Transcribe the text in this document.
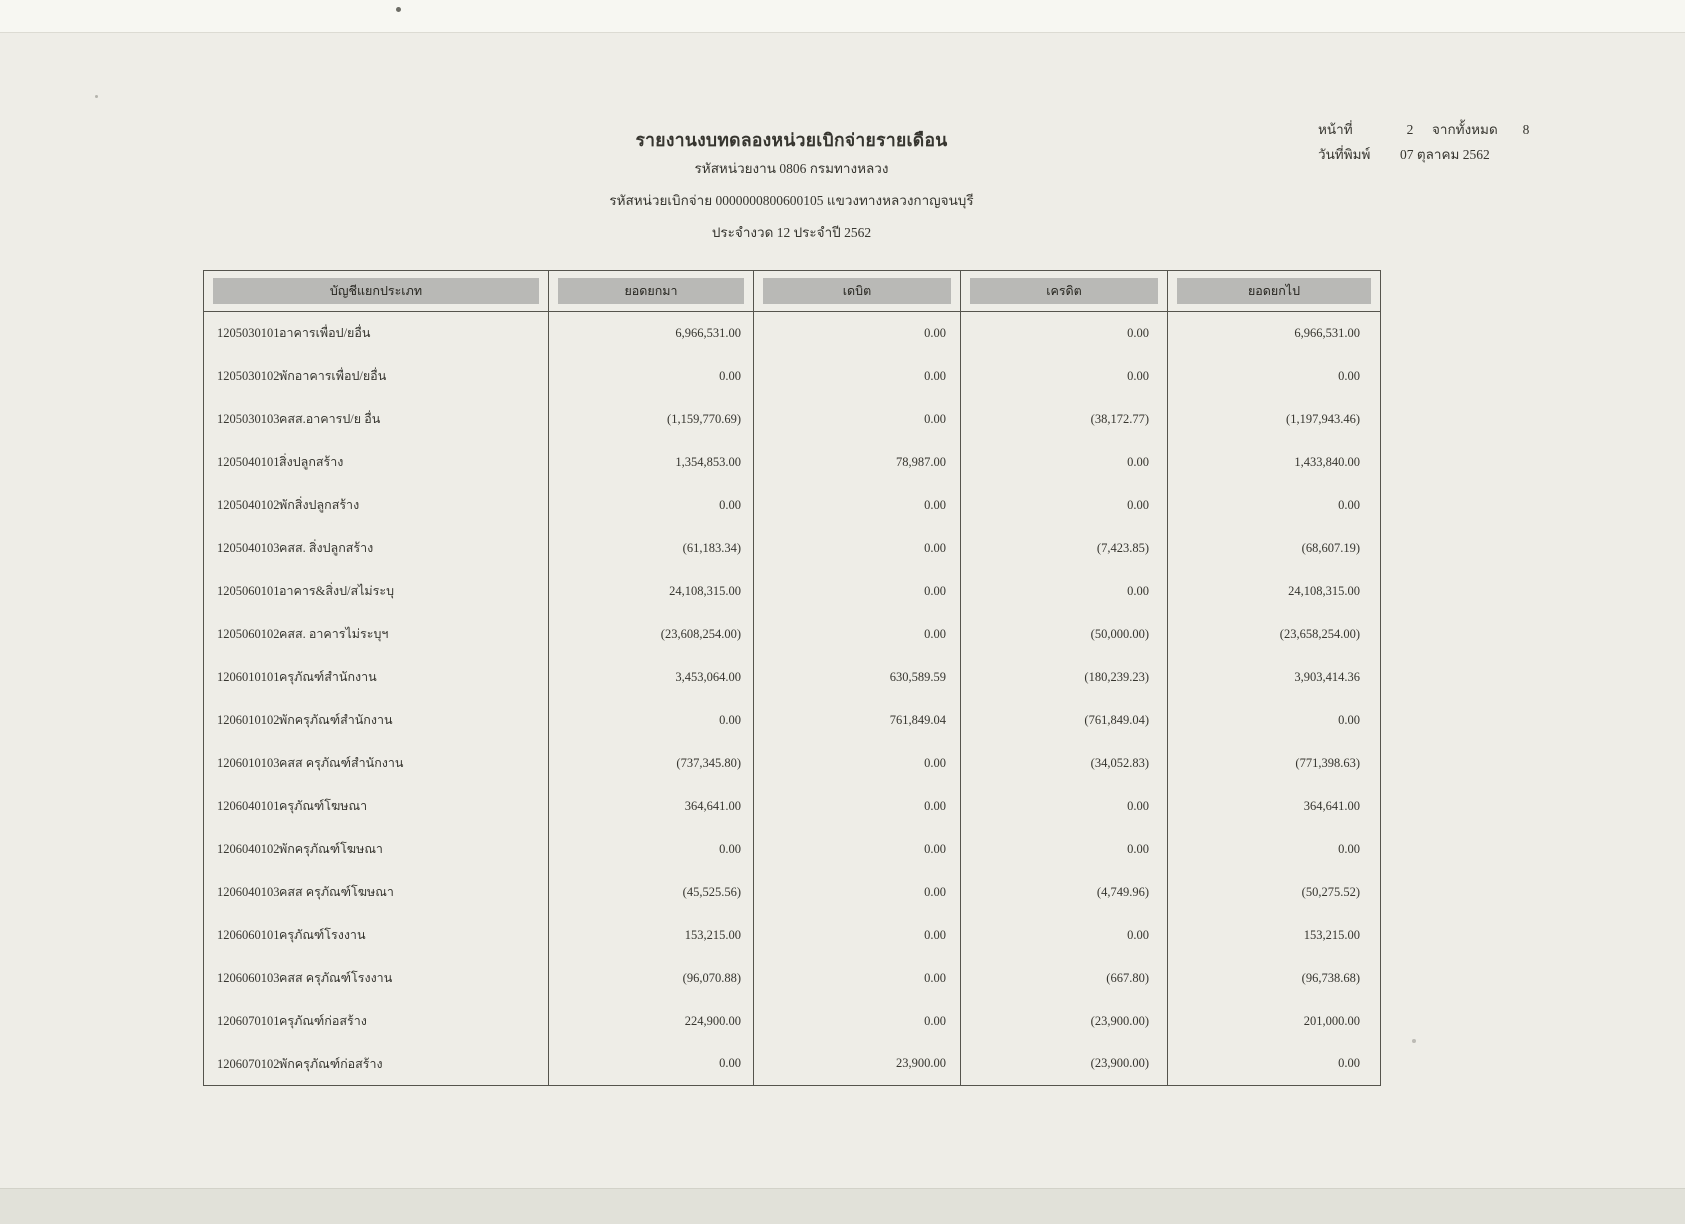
รายงานงบทดลองหน่วยเบิกจ่ายรายเดือน
รหัสหน่วยงาน 0806 กรมทางหลวง
รหัสหน่วยเบิกจ่าย 0000000800600105 แขวงทางหลวงกาญจนบุรี
ประจำงวด 12 ประจำปี 2562
หน้าที่	2	จากทั้งหมด	8
วันที่พิมพ์	07 ตุลาคม 2562
บัญชีแยกประเภท	ยอดยกมา	เดบิต	เครดิต	ยอดยกไป

1205030101อาคารเพื่อป/ยอื่น	6,966,531.00	0.00	0.00	6,966,531.00
1205030102พักอาคารเพื่อป/ยอื่น	0.00	0.00	0.00	0.00
1205030103คสส.อาคารป/ย อื่น	(1,159,770.69)	0.00	(38,172.77)	(1,197,943.46)
1205040101สิ่งปลูกสร้าง	1,354,853.00	78,987.00	0.00	1,433,840.00
1205040102พักสิ่งปลูกสร้าง	0.00	0.00	0.00	0.00
1205040103คสส. สิ่งปลูกสร้าง	(61,183.34)	0.00	(7,423.85)	(68,607.19)
1205060101อาคาร&สิ่งป/สไม่ระบุ	24,108,315.00	0.00	0.00	24,108,315.00
1205060102คสส. อาคารไม่ระบุฯ	(23,608,254.00)	0.00	(50,000.00)	(23,658,254.00)
1206010101ครุภัณฑ์สำนักงาน	3,453,064.00	630,589.59	(180,239.23)	3,903,414.36
1206010102พักครุภัณฑ์สำนักงาน	0.00	761,849.04	(761,849.04)	0.00
1206010103คสส ครุภัณฑ์สำนักงาน	(737,345.80)	0.00	(34,052.83)	(771,398.63)
1206040101ครุภัณฑ์โฆษณา	364,641.00	0.00	0.00	364,641.00
1206040102พักครุภัณฑ์โฆษณา	0.00	0.00	0.00	0.00
1206040103คสส ครุภัณฑ์โฆษณา	(45,525.56)	0.00	(4,749.96)	(50,275.52)
1206060101ครุภัณฑ์โรงงาน	153,215.00	0.00	0.00	153,215.00
1206060103คสส ครุภัณฑ์โรงงาน	(96,070.88)	0.00	(667.80)	(96,738.68)
1206070101ครุภัณฑ์ก่อสร้าง	224,900.00	0.00	(23,900.00)	201,000.00
1206070102พักครุภัณฑ์ก่อสร้าง	0.00	23,900.00	(23,900.00)	0.00
